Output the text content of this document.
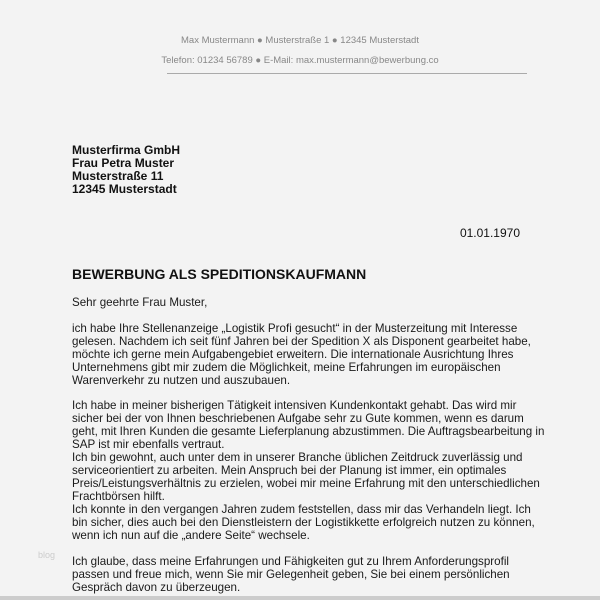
Max Mustermann ● Musterstraße 1 ● 12345 Musterstadt
Telefon: 01234 56789 ● E-Mail: max.mustermann@bewerbung.co
Musterfirma GmbH
Frau Petra Muster
Musterstraße 11
12345 Musterstadt
01.01.1970
BEWERBUNG ALS SPEDITIONSKAUFMANN
Sehr geehrte Frau Muster,
ich habe Ihre Stellenanzeige „Logistik Profi gesucht“ in der Musterzeitung mit Interesse
gelesen. Nachdem ich seit fünf Jahren bei der Spedition X als Disponent gearbeitet habe,
möchte ich gerne mein Aufgabengebiet erweitern. Die internationale Ausrichtung Ihres
Unternehmens gibt mir zudem die Möglichkeit, meine Erfahrungen im europäischen
Warenverkehr zu nutzen und auszubauen.
Ich habe in meiner bisherigen Tätigkeit intensiven Kundenkontakt gehabt. Das wird mir
sicher bei der von Ihnen beschriebenen Aufgabe sehr zu Gute kommen, wenn es darum
geht, mit Ihren Kunden die gesamte Lieferplanung abzustimmen. Die Auftragsbearbeitung in
SAP ist mir ebenfalls vertraut.
Ich bin gewohnt, auch unter dem in unserer Branche üblichen Zeitdruck zuverlässig und
serviceorientiert zu arbeiten. Mein Anspruch bei der Planung ist immer, ein optimales
Preis/Leistungsverhältnis zu erzielen, wobei mir meine Erfahrung mit den unterschiedlichen
Frachtbörsen hilft.
Ich konnte in den vergangen Jahren zudem feststellen, dass mir das Verhandeln liegt. Ich
bin sicher, dies auch bei den Dienstleistern der Logistikkette erfolgreich nutzen zu können,
wenn ich nun auf die „andere Seite“ wechsele.
Ich glaube, dass meine Erfahrungen und Fähigkeiten gut zu Ihrem Anforderungsprofil
passen und freue mich, wenn Sie mir Gelegenheit geben, Sie bei einem persönlichen
Gespräch davon zu überzeugen.
blog
